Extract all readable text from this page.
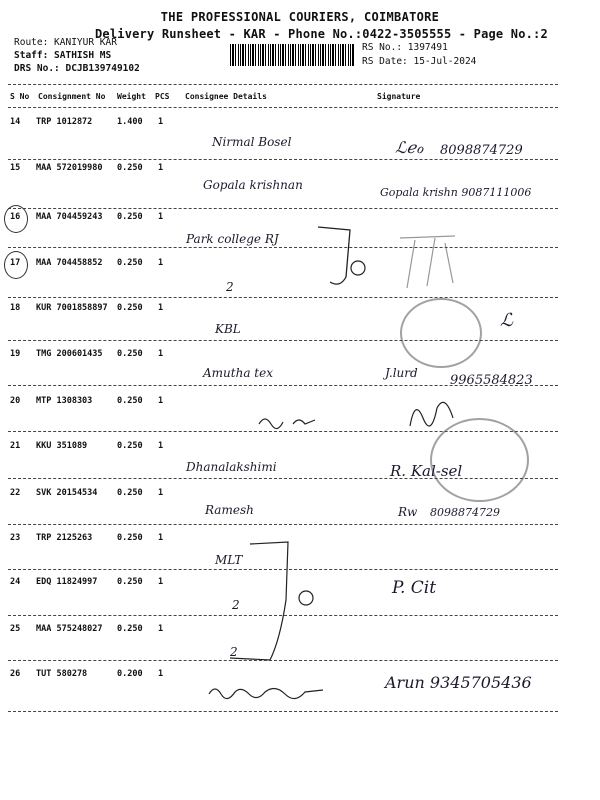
THE PROFESSIONAL COURIERS, COIMBATORE
Delivery Runsheet - KAR - Phone No.:0422-3505555 - Page No.:2
Route: KANIYUR KAR
Staff: SATHISH MS
DRS No.: DCJB139749102
RS No.: 1397491
RS Date: 15-Jul-2024
S No Consignment No Weight PCS Consignee Details	Signature
14 TRP 1012872	1.400 1
Nirmal Bosel	ℒℯℴ 8098874729
15 MAA 572019980 0.250 1
Gopala krishnan
Gopala krishn 9087111006
16 MAA 704459243 0.250 1
Park college RJ
17 MAA 704458852 0.250 1
2
18 KUR 7001858897 0.250 1
KBL	ℒ
19 TMG 200601435 0.250 1
Amutha tex	J.lurd 9965584823
20 MTP 1308303	0.250 1
21 KKU 351089	0.250 1
Dhanalakshimi	R. Kal-sel
22 SVK 20154534 0.250 1
Ramesh	Rw 8098874729
23 TRP 2125263	0.250 1
MLT
24 EDQ 11824997 0.250 1
2
P. Cit
25 MAA 575248027 0.250 1
2
26 TUT 580278	0.200 1	Arun 9345705436
